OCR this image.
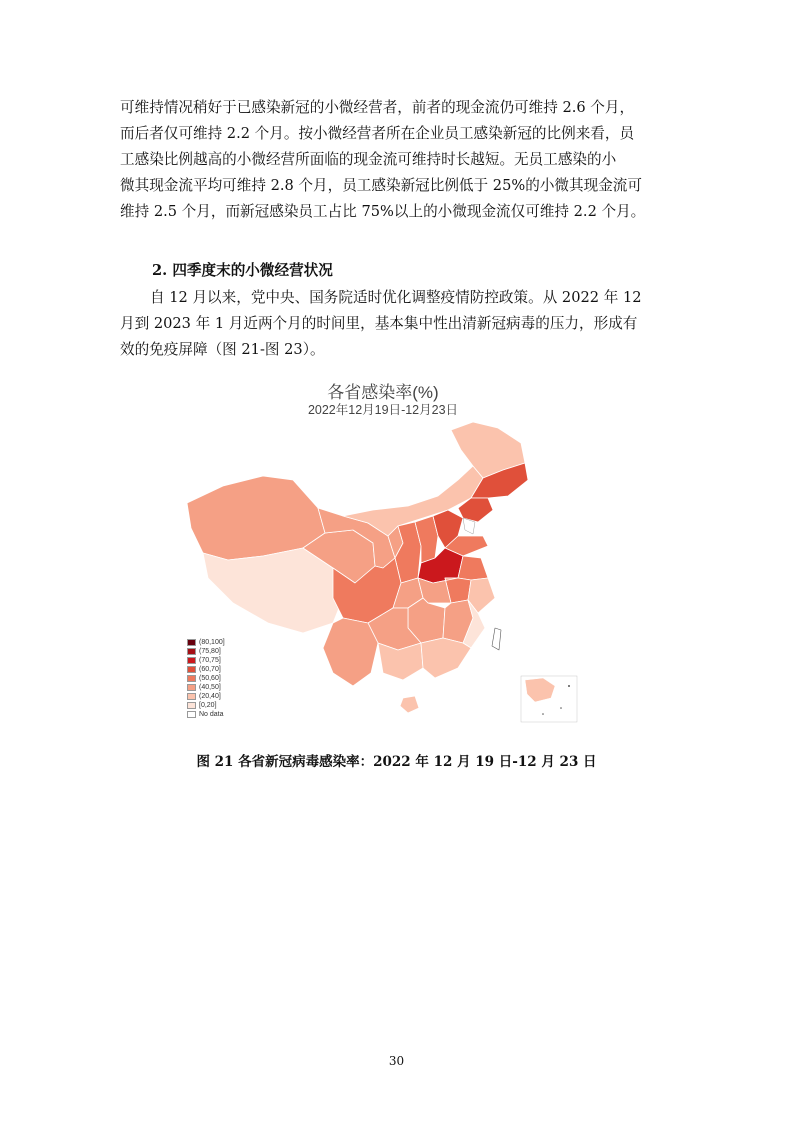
可维持情况稍好于已感染新冠的小微经营者，前者的现金流仍可维持 2.6 个月，
而后者仅可维持 2.2 个月。按小微经营者所在企业员工感染新冠的比例来看，员
工感染比例越高的小微经营所面临的现金流可维持时长越短。无员工感染的小
微其现金流平均可维持 2.8 个月，员工感染新冠比例低于 25%的小微其现金流可
维持 2.5 个月，而新冠感染员工占比 75%以上的小微现金流仅可维持 2.2 个月。

2. 四季度末的小微经营状况

自 12 月以来，党中央、国务院适时优化调整疫情防控政策。从 2022 年 12
月到 2023 年 1 月近两个月的时间里，基本集中性出清新冠病毒的压力，形成有
效的免疫屏障（图 21-图 23）。
各省感染率(%)
2022年12月19日-12月23日
(80,100]
(75,80]
(70,75]
(60,70]
(50,60]
(40,50]
(20,40]
[0,20]
No data
图 21 各省新冠病毒感染率：2022 年 12 月 19 日-12 月 23 日
30
